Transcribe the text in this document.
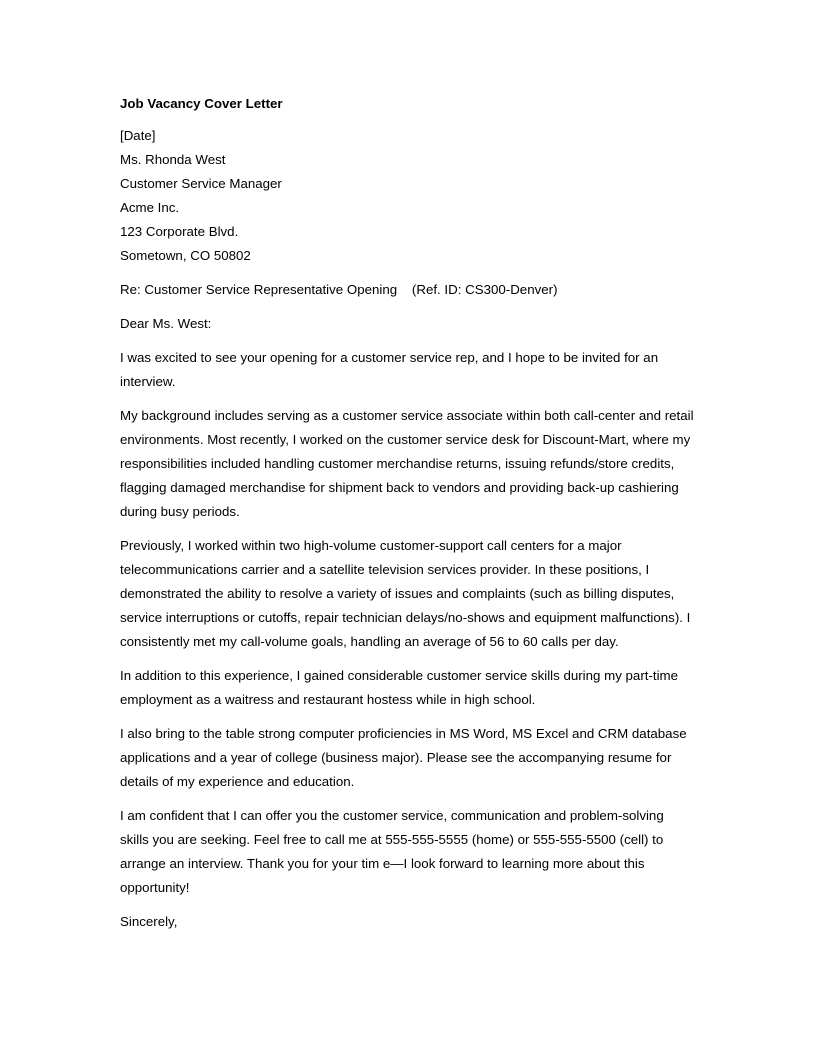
Job Vacancy Cover Letter
[Date]
Ms. Rhonda West
Customer Service Manager
Acme Inc.
123 Corporate Blvd.
Sometown, CO 50802
Re: Customer Service Representative Opening    (Ref. ID: CS300-Denver)
Dear Ms. West:
I was excited to see your opening for a customer service rep, and I hope to be invited for an interview.
My background includes serving as a customer service associate within both call-center and retail environments. Most recently, I worked on the customer service desk for Discount-Mart, where my responsibilities included handling customer merchandise returns, issuing refunds/store credits, flagging damaged merchandise for shipment back to vendors and providing back-up cashiering during busy periods.
Previously, I worked within two high-volume customer-support call centers for a major telecommunications carrier and a satellite television services provider. In these positions, I demonstrated the ability to resolve a variety of issues and complaints (such as billing disputes, service interruptions or cutoffs, repair technician delays/no-shows and equipment malfunctions). I consistently met my call-volume goals, handling an average of 56 to 60 calls per day.
In addition to this experience, I gained considerable customer service skills during my part-time employment as a waitress and restaurant hostess while in high school.
I also bring to the table strong computer proficiencies in MS Word, MS Excel and CRM database applications and a year of college (business major). Please see the accompanying resume for details of my experience and education.
I am confident that I can offer you the customer service, communication and problem-solving skills you are seeking. Feel free to call me at 555-555-5555 (home) or 555-555-5500 (cell) to arrange an interview. Thank you for your tim e—I look forward to learning more about this opportunity!
Sincerely,
